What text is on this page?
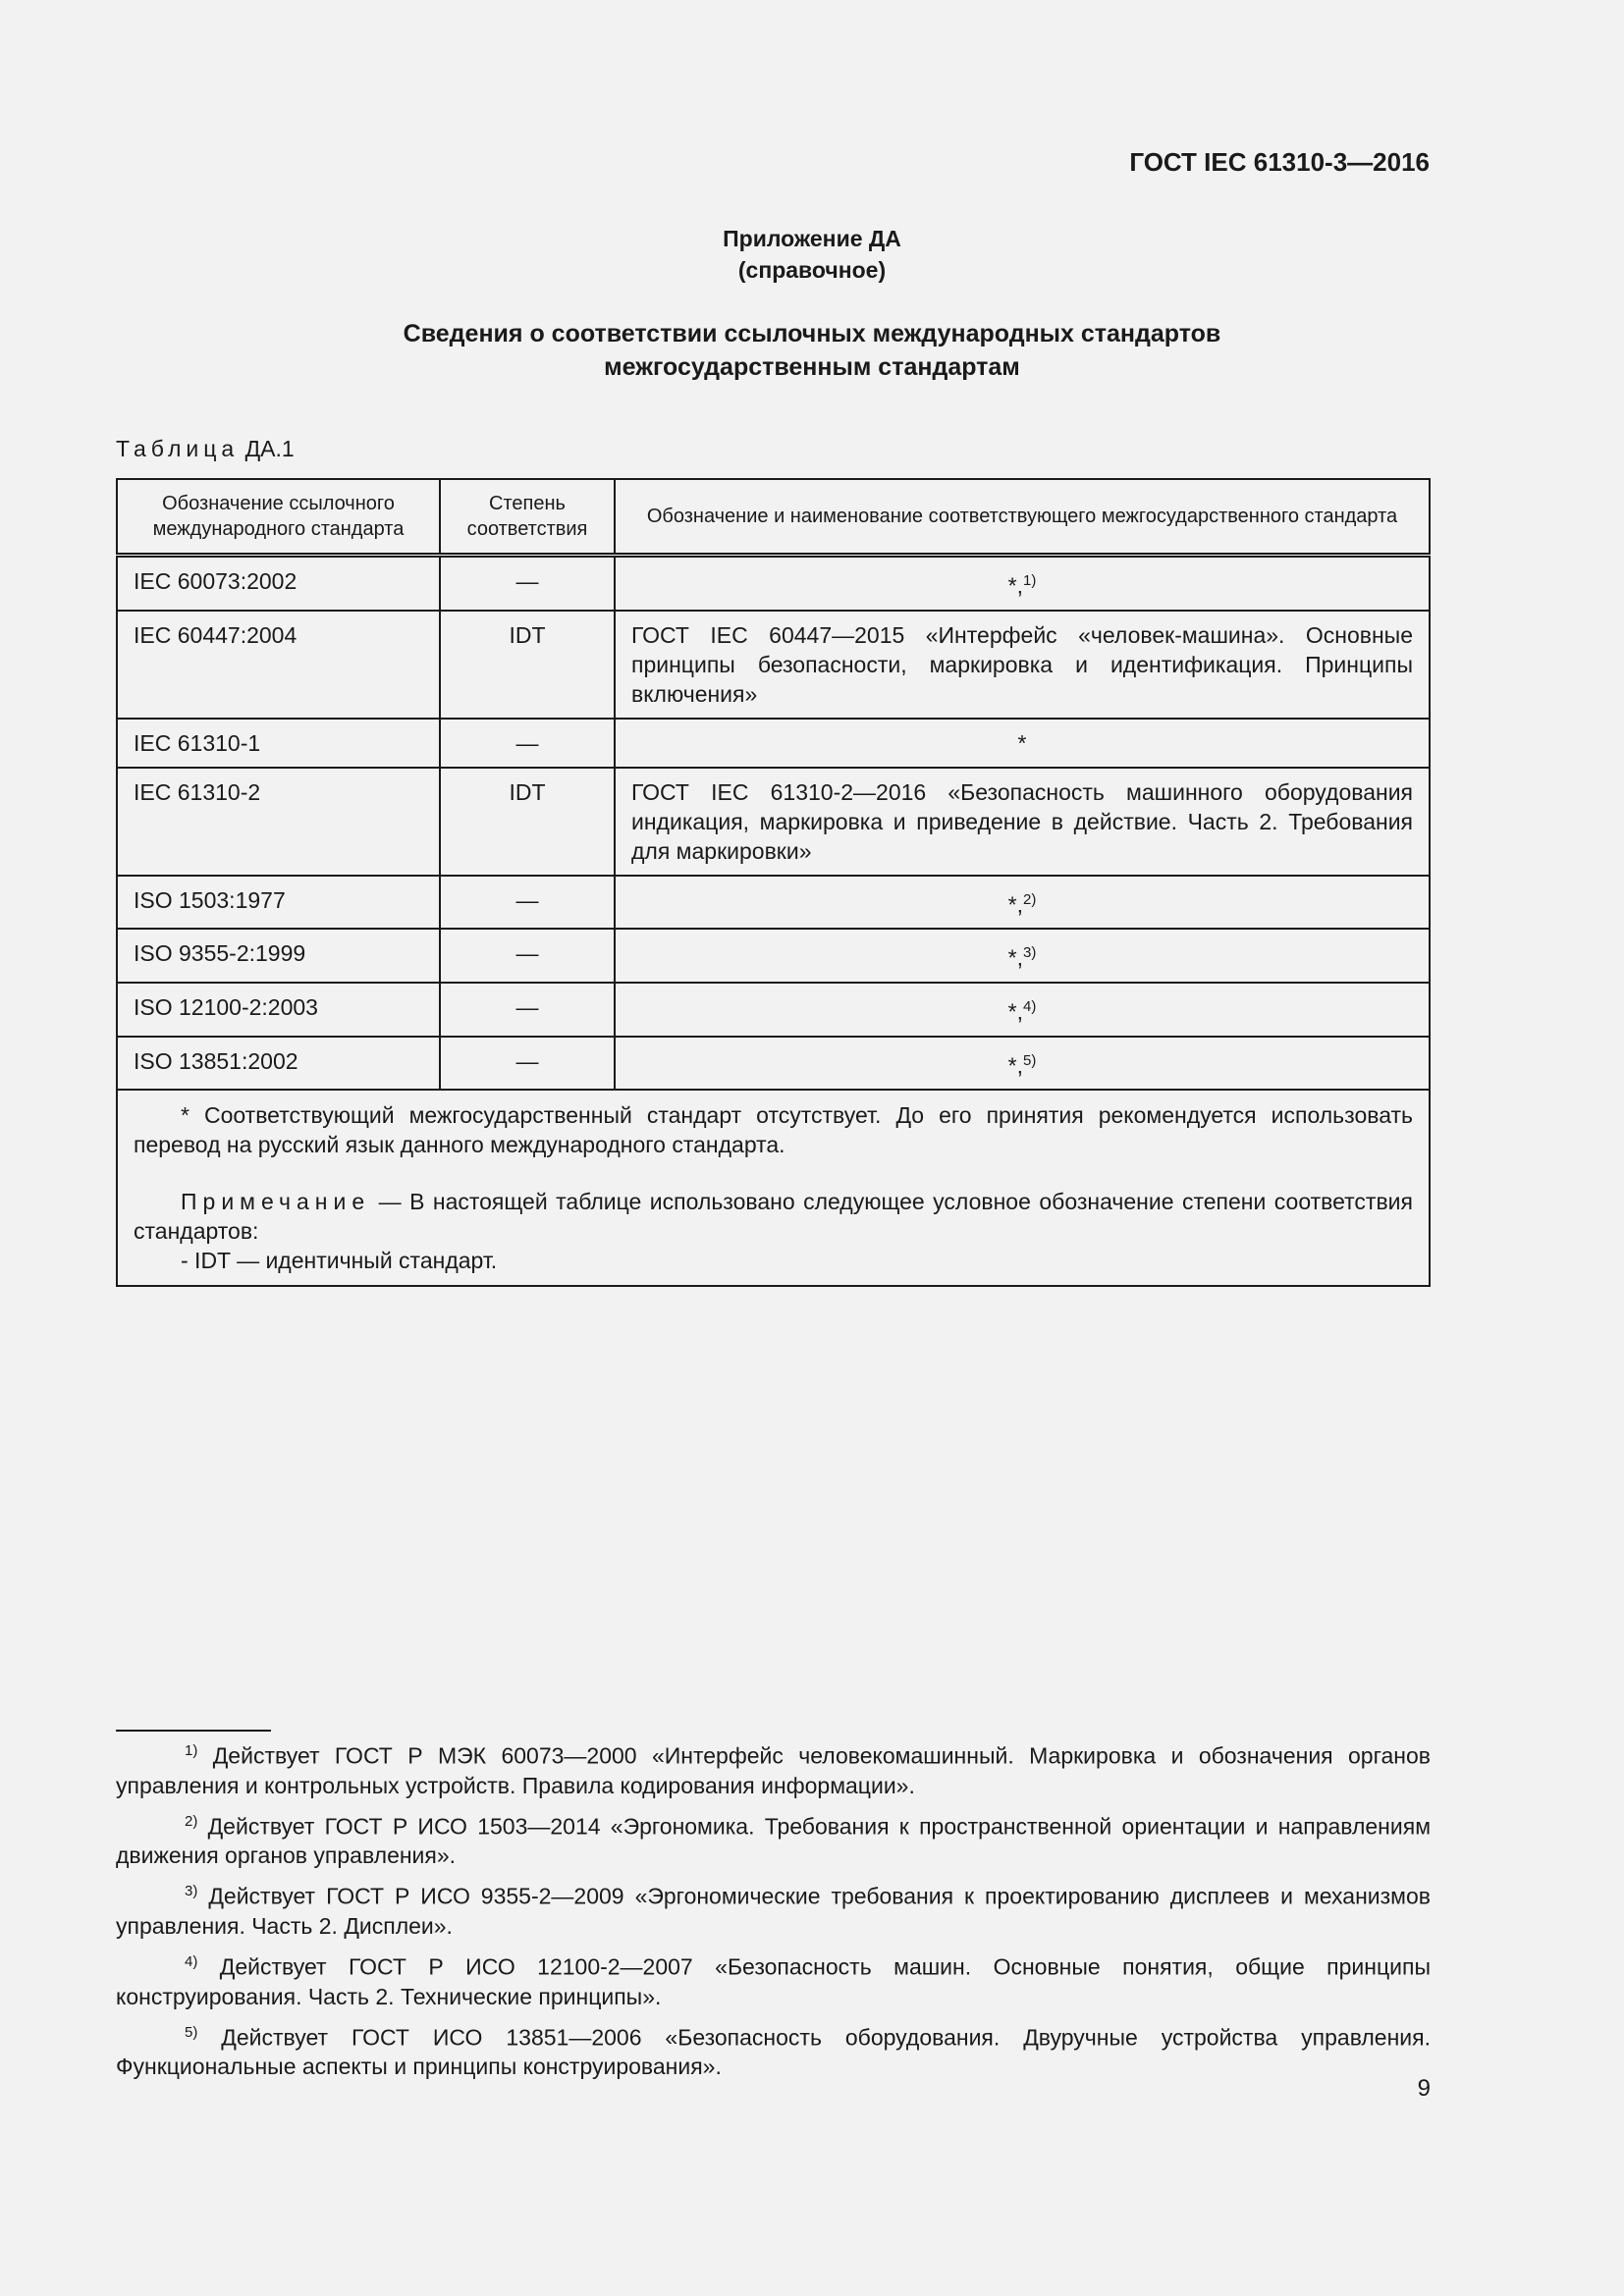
ГОСТ IEC 61310-3—2016
Приложение ДА
(справочное)
Сведения о соответствии ссылочных международных стандартов
межгосударственным стандартам
Таблица ДА.1
Обозначение ссылочного международного стандарта	Степень соответствия	Обозначение и наименование соответствующего межгосударственного стандарта
IEC 60073:2002	—	*,$^{1)}$
IEC 60447:2004	IDT	ГОСТ IEC 60447—2015 «Интерфейс «человек-машина». Основные принципы безопасности, маркировка и идентификация. Принципы включения»
IEC 61310-1	—	*
IEC 61310-2	IDT	ГОСТ IEC 61310-2—2016 «Безопасность машинного оборудования индикация, маркировка и приведение в действие. Часть 2. Требования для маркировки»
ISO 1503:1977	—	*,$^{2)}$
ISO 9355-2:1999	—	*,$^{3)}$
ISO 12100-2:2003	—	*,$^{4)}$
ISO 13851:2002	—	*,$^{5)}$

* Соответствующий межгосударственный стандарт отсутствует. До его принятия рекомендуется использовать перевод на русский язык данного международного стандарта.

Примечание — В настоящей таблице использовано следующее условное обозначение степени соответствия стандартов:

- IDT — идентичный стандарт.		

$^{1)}$ Действует ГОСТ Р МЭК 60073—2000 «Интерфейс человекомашинный. Маркировка и обозначения органов управления и контрольных устройств. Правила кодирования информации».

$^{2)}$ Действует ГОСТ Р ИСО 1503—2014 «Эргономика. Требования к пространственной ориентации и направлениям движения органов управления».

$^{3)}$ Действует ГОСТ Р ИСО 9355-2—2009 «Эргономические требования к проектированию дисплеев и механизмов управления. Часть 2. Дисплеи».

$^{4)}$ Действует ГОСТ Р ИСО 12100-2—2007 «Безопасность машин. Основные понятия, общие принципы конструирования. Часть 2. Технические принципы».

$^{5)}$ Действует ГОСТ ИСО 13851—2006 «Безопасность оборудования. Двуручные устройства управления. Функциональные аспекты и принципы конструирования».

9
